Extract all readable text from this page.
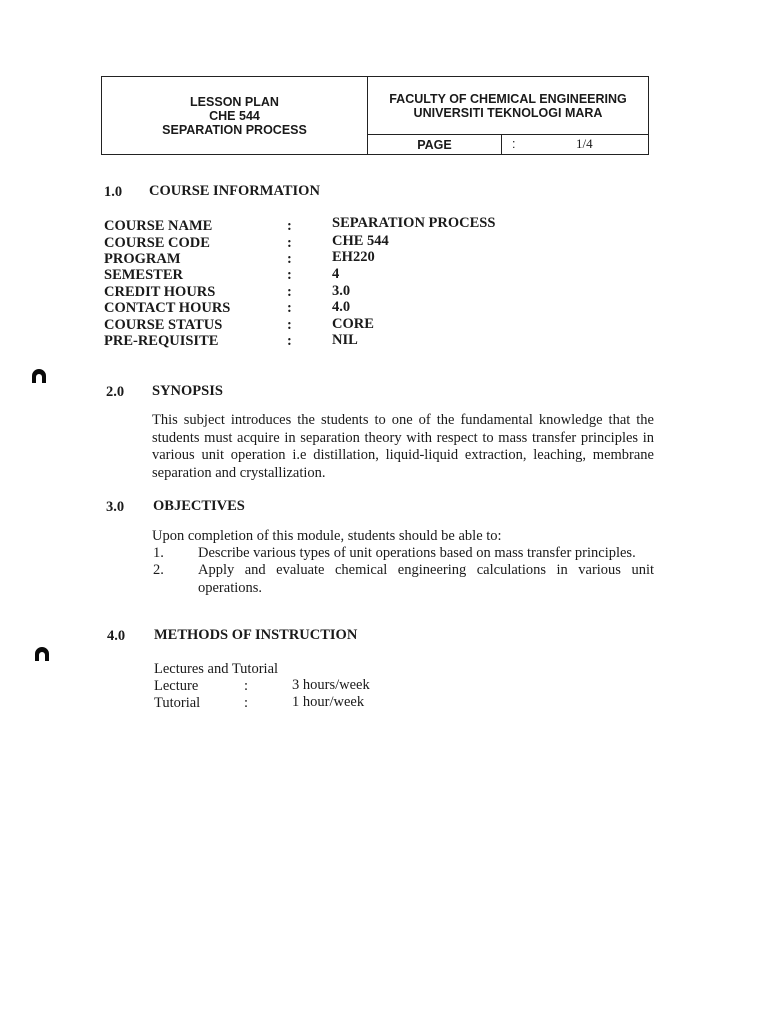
LESSON PLAN
CHE 544
SEPARATION PROCESS
FACULTY OF CHEMICAL ENGINEERING
UNIVERSITI TEKNOLOGI MARA
PAGE	:	1/4
1.0 COURSE INFORMATION
COURSE NAME	:	SEPARATION PROCESS
COURSE CODE	:	CHE 544
PROGRAM	:	EH220
SEMESTER	:	4
CREDIT HOURS	:	3.0
CONTACT HOURS	:	4.0
COURSE STATUS	:	CORE
PRE-REQUISITE	:	NIL
2.0 SYNOPSIS
This subject introduces the students to one of the fundamental knowledge that the students must acquire in separation theory with respect to mass transfer principles in various unit operation i.e distillation, liquid-liquid extraction, leaching, membrane separation and crystallization.
3.0 OBJECTIVES
Upon completion of this module, students should be able to:
1. Describe various types of unit operations based on mass transfer principles.
2. Apply and evaluate chemical engineering calculations in various unit operations.
4.0 METHODS OF INSTRUCTION
Lectures and Tutorial
Lecture	:	3 hours/week
Tutorial	:	1 hour/week
